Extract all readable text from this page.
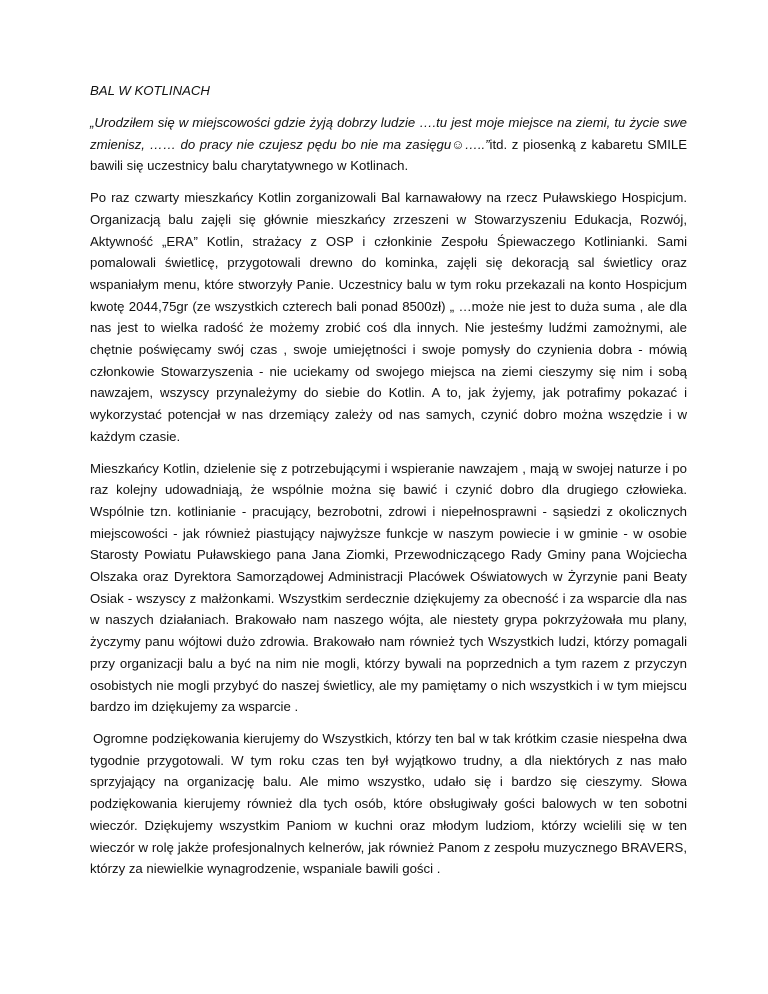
BAL W KOTLINACH

„Urodziłem się w miejscowości gdzie żyją dobrzy ludzie ….tu jest moje miejsce na ziemi, tu życie swe zmienisz, …… do pracy nie czujesz pędu bo nie ma zasięgu☺…..”itd. z piosenką z kabaretu SMILE bawili się uczestnicy balu charytatywnego w Kotlinach.

Po raz czwarty mieszkańcy Kotlin zorganizowali Bal karnawałowy na rzecz Puławskiego Hospicjum. Organizacją balu zajęli się głównie mieszkańcy zrzeszeni w Stowarzyszeniu Edukacja, Rozwój, Aktywność „ERA” Kotlin, strażacy z OSP i członkinie Zespołu Śpiewaczego Kotlinianki. Sami pomalowali świetlicę, przygotowali drewno do kominka, zajęli się dekoracją sal świetlicy oraz wspaniałym menu, które stworzyły Panie. Uczestnicy balu w tym roku przekazali na konto Hospicjum kwotę 2044,75gr (ze wszystkich czterech bali ponad 8500zł) „ …może nie jest to duża suma , ale dla nas jest to wielka radość że możemy zrobić coś dla innych. Nie jesteśmy ludźmi zamożnymi, ale chętnie poświęcamy swój czas , swoje umiejętności i swoje pomysły do czynienia dobra - mówią członkowie Stowarzyszenia - nie uciekamy od swojego miejsca na ziemi cieszymy się nim i sobą nawzajem, wszyscy przynależymy do siebie do Kotlin. A to, jak żyjemy, jak potrafimy pokazać i wykorzystać potencjał w nas drzemiący zależy od nas samych, czynić dobro można wszędzie i w każdym czasie.

Mieszkańcy Kotlin, dzielenie się z potrzebującymi i wspieranie nawzajem , mają w swojej naturze i po raz kolejny udowadniają, że wspólnie można się bawić i czynić dobro dla drugiego człowieka. Wspólnie tzn. kotlinianie - pracujący, bezrobotni, zdrowi i niepełnosprawni - sąsiedzi z okolicznych miejscowości - jak również piastujący najwyższe funkcje w naszym powiecie i w gminie - w osobie Starosty Powiatu Puławskiego pana Jana Ziomki, Przewodniczącego Rady Gminy pana Wojciecha Olszaka oraz Dyrektora Samorządowej Administracji Placówek Oświatowych w Żyrzynie pani Beaty Osiak - wszyscy z małżonkami. Wszystkim serdecznie dziękujemy za obecność i za wsparcie dla nas w naszych działaniach. Brakowało nam naszego wójta, ale niestety grypa pokrzyżowała mu plany, życzymy panu wójtowi dużo zdrowia. Brakowało nam również tych Wszystkich ludzi, którzy pomagali przy organizacji balu a być na nim nie mogli, którzy bywali na poprzednich a tym razem z przyczyn osobistych nie mogli przybyć do naszej świetlicy, ale my pamiętamy o nich wszystkich i w tym miejscu bardzo im dziękujemy za wsparcie .

Ogromne podziękowania kierujemy do Wszystkich, którzy ten bal w tak krótkim czasie niespełna dwa tygodnie przygotowali. W tym roku czas ten był wyjątkowo trudny, a dla niektórych z nas mało sprzyjający na organizację balu. Ale mimo wszystko, udało się i bardzo się cieszymy. Słowa podziękowania kierujemy również dla tych osób, które obsługiwały gości balowych w ten sobotni wieczór. Dziękujemy wszystkim Paniom w kuchni oraz młodym ludziom, którzy wcielili się w ten wieczór w rolę jakże profesjonalnych kelnerów, jak również Panom z zespołu muzycznego BRAVERS, którzy za niewielkie wynagrodzenie, wspaniale bawili gości .
